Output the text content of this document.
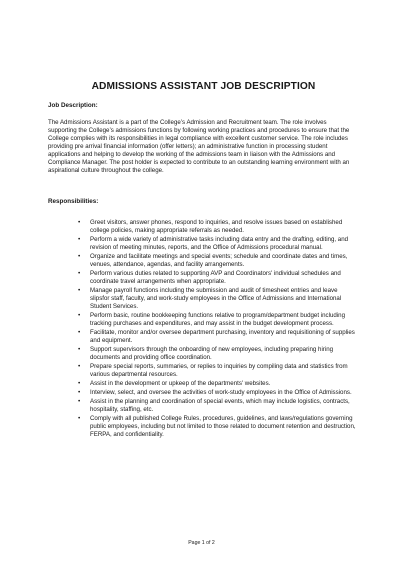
ADMISSIONS ASSISTANT JOB DESCRIPTION

Job Description:

The Admissions Assistant is a part of the College’s Admission and Recruitment team. The role involves supporting the College’s admissions functions by following working practices and procedures to ensure that the College complies with its responsibilities in legal compliance with excellent customer service. The role includes providing pre arrival financial information (offer letters); an administrative function in processing student applications and helping to develop the working of the admissions team in liaison with the Admissions and Compliance Manager. The post holder is expected to contribute to an outstanding learning environment with an aspirational culture throughout the college.

Responsibilities:

• Greet visitors, answer phones, respond to inquiries, and resolve issues based on established college policies, making appropriate referrals as needed.
• Perform a wide variety of administrative tasks including data entry and the drafting, editing, and revision of meeting minutes, reports, and the Office of Admissions procedural manual.
• Organize and facilitate meetings and special events; schedule and coordinate dates and times, venues, attendance, agendas, and facility arrangements.
• Perform various duties related to supporting AVP and Coordinators' individual schedules and coordinate travel arrangements when appropriate.
• Manage payroll functions including the submission and audit of timesheet entries and leave slipsfor staff, faculty, and work-study employees in the Office of Admissions and International Student Services.
• Perform basic, routine bookkeeping functions relative to program/department budget including tracking purchases and expenditures, and may assist in the budget development process.
• Facilitate, monitor and/or oversee department purchasing, inventory and requisitioning of supplies and equipment.
• Support supervisors through the onboarding of new employees, including preparing hiring documents and providing office coordination.
• Prepare special reports, summaries, or replies to inquiries by compiling data and statistics from various departmental resources.
• Assist in the development or upkeep of the departments' websites.
• Interview, select, and oversee the activities of work-study employees in the Office of Admissions.
• Assist in the planning and coordination of special events, which may include logistics, contracts, hospitality, staffing, etc.
• Comply with all published College Rules, procedures, guidelines, and laws/regulations governing public employees, including but not limited to those related to document retention and destruction, FERPA, and confidentiality.
Page 1 of 2
